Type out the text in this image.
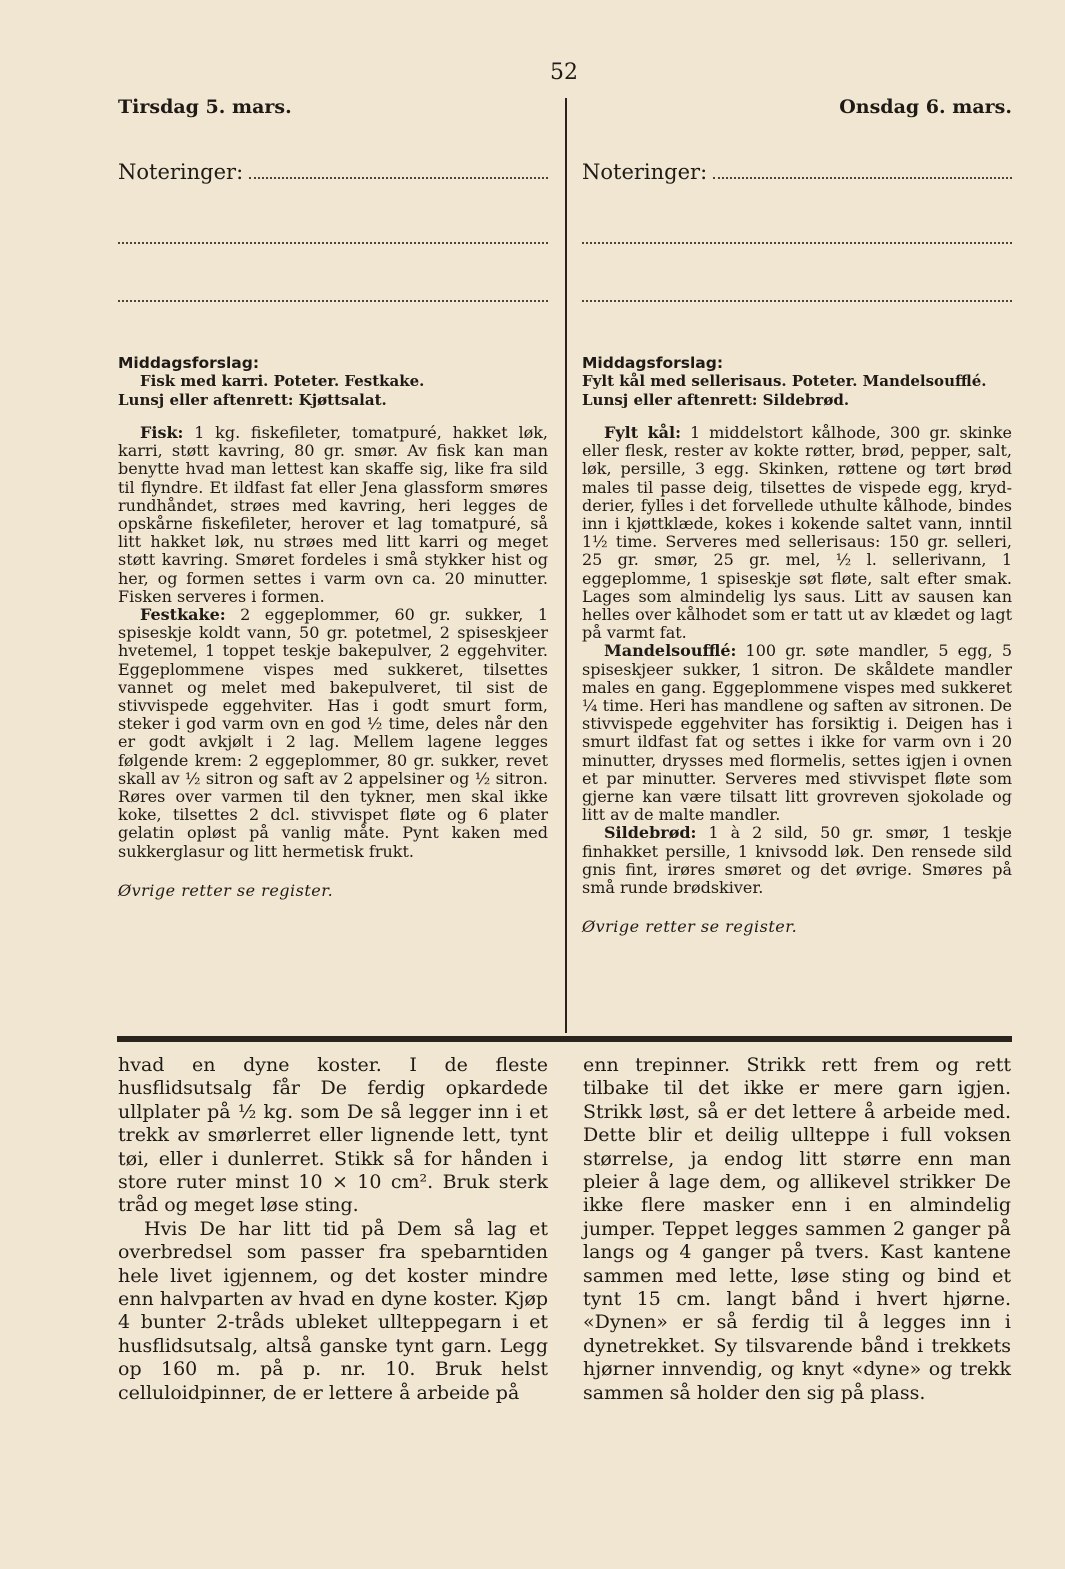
52
Tirsdag 5. mars.
Noteringer:
Middagsforslag:
Fisk med karri. Poteter. Festkake.
Lunsj eller aftenrett: Kjøttsalat.

Fisk: 1 kg. fiskefileter, tomatpuré, hakket løk, karri, støtt kavring, 80 gr. smør. Av fisk kan man benytte hvad man lettest kan skaffe sig, like fra sild til flyndre. Et ildfast fat eller Jena glassform smøres rundhåndet, strøes med kavring, heri legges de opskårne fiskefileter, herover et lag tomatpuré, så litt hakket løk, nu strøes med litt karri og meget støtt kavring. Smøret fordeles i små stykker hist og her, og formen settes i varm ovn ca. 20 minutter. Fisken serveres i formen.

Festkake: 2 eggeplommer, 60 gr. sukker, 1 spiseskje koldt vann, 50 gr. potetmel, 2 spiseskjeer hvetemel, 1 toppet teskje bakepulver, 2 eggehviter. Eggeplommene vispes med sukkeret, tilsettes vannet og melet med bakepulveret, til sist de stivvispede eggehviter. Has i godt smurt form, steker i god varm ovn en god ½ time, deles når den er godt avkjølt i 2 lag. Mellem lagene legges følgende krem: 2 eggeplommer, 80 gr. sukker, revet skall av ½ sitron og saft av 2 appelsiner og ½ sitron. Røres over varmen til den tykner, men skal ikke koke, tilsettes 2 dcl. stivvispet fløte og 6 plater gelatin opløst på vanlig måte. Pynt kaken med sukkerglasur og litt hermetisk frukt.

Øvrige retter se register.
Onsdag 6. mars.
Noteringer:
Middagsforslag:
Fylt kål med sellerisaus. Poteter. Mandelsoufflé.
Lunsj eller aftenrett: Sildebrød.

Fylt kål: 1 middelstort kålhode, 300 gr. skinke eller flesk, rester av kokte røtter, brød, pepper, salt, løk, persille, 3 egg. Skinken, røttene og tørt brød males til passe deig, tilsettes de vispede egg, krydderier, fylles i det forvellede uthulte kålhode, bindes inn i kjøttklæde, kokes i kokende saltet vann, inntil 1½ time. Serveres med sellerisaus: 150 gr. selleri, 25 gr. smør, 25 gr. mel, ½ l. sellerivann, 1 eggeplomme, 1 spiseskje søt fløte, salt efter smak. Lages som almindelig lys saus. Litt av sausen kan helles over kålhodet som er tatt ut av klædet og lagt på varmt fat.

Mandelsoufflé: 100 gr. søte mandler, 5 egg, 5 spiseskjeer sukker, 1 sitron. De skåldete mandler males en gang. Eggeplommene vispes med sukkeret ¼ time. Heri has mandlene og saften av sitronen. De stivvispede eggehviter has forsiktig i. Deigen has i smurt ildfast fat og settes i ikke for varm ovn i 20 minutter, drysses med flormelis, settes igjen i ovnen et par minutter. Serveres med stivvispet fløte som gjerne kan være tilsatt litt grovreven sjokolade og litt av de malte mandler.

Sildebrød: 1 à 2 sild, 50 gr. smør, 1 teskje finhakket persille, 1 knivsodd løk. Den rensede sild gnis fint, irøres smøret og det øvrige. Smøres på små runde brødskiver.

Øvrige retter se register.

hvad en dyne koster. I de fleste husflidsutsalg får De ferdig opkardede ullplater på ½ kg. som De så legger inn i et trekk av smørlerret eller lignende lett, tynt tøi, eller i dunlerret. Stikk så for hånden i store ruter minst 10 × 10 cm². Bruk sterk tråd og meget løse sting.

Hvis De har litt tid på Dem så lag et overbredsel som passer fra spebarntiden hele livet igjennem, og det koster mindre enn halvparten av hvad en dyne koster. Kjøp 4 bunter 2-tråds ubleket ullteppegarn i et husflidsutsalg, altså ganske tynt garn. Legg op 160 m. på p. nr. 10. Bruk helst celluloidpinner, de er lettere å arbeide på

enn trepinner. Strikk rett frem og rett tilbake til det ikke er mere garn igjen. Strikk løst, så er det lettere å arbeide med. Dette blir et deilig ullteppe i full voksen størrelse, ja endog litt større enn man pleier å lage dem, og allikevel strikker De ikke flere masker enn i en almindelig jumper. Teppet legges sammen 2 ganger på langs og 4 ganger på tvers. Kast kantene sammen med lette, løse sting og bind et tynt 15 cm. langt bånd i hvert hjørne. «Dynen» er så ferdig til å legges inn i dynetrekket. Sy tilsvarende bånd i trekkets hjørner innvendig, og knyt «dyne» og trekk sammen så holder den sig på plass.
